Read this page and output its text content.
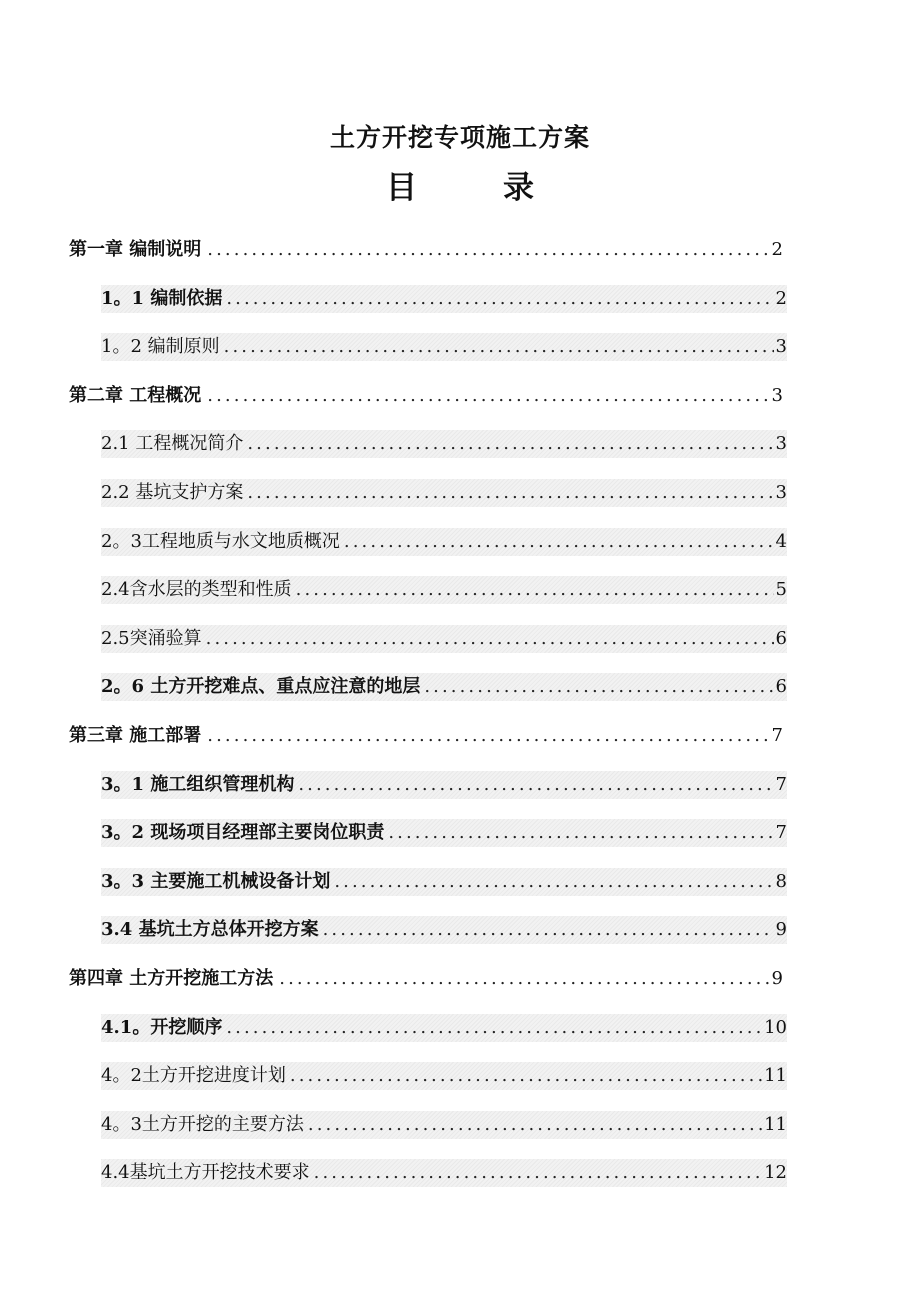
土方开挖专项施工方案
目录
第一章 编制说明 .....	2
1。1 编制依据 .....	2
1。2 编制原则 .....	3
第二章 工程概况 .....	3
2.1 工程概况简介 .....	3
2.2 基坑支护方案 .....	3
2。3工程地质与水文地质概况 .....	4
2.4含水层的类型和性质 .....	5
2.5突涌验算 .....	6
2。6 土方开挖难点、重点应注意的地层 .....	6
第三章 施工部署 .....	7
3。1 施工组织管理机构 .....	7
3。2 现场项目经理部主要岗位职责 .....	7
3。3 主要施工机械设备计划 .....	8
3.4 基坑土方总体开挖方案 .....	9
第四章 土方开挖施工方法 .....	9
4.1。开挖顺序 .....	10
4。2土方开挖进度计划 .....	11
4。3土方开挖的主要方法 .....	11
4.4基坑土方开挖技术要求 .....	12
